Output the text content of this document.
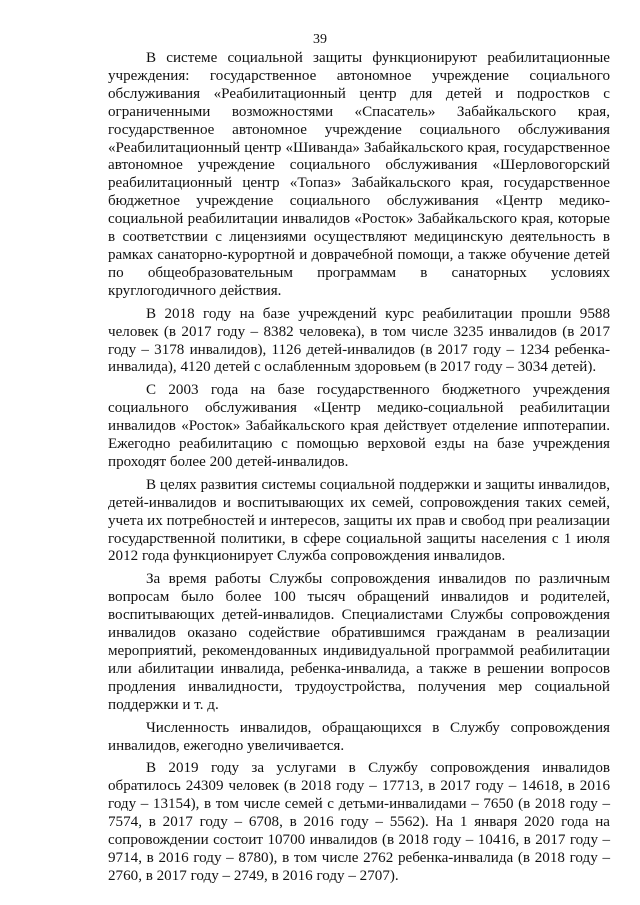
39

В системе социальной защиты функционируют реабилитационные учреждения: государственное автономное учреждение социального обслуживания «Реабилитационный центр для детей и подростков с ограниченными возможностями «Спасатель» Забайкальского края, государственное автономное учреждение социального обслуживания «Реабилитационный центр «Шиванда» Забайкальского края, государственное автономное учреждение социального обслуживания «Шерловогорский реабилитационный центр «Топаз» Забайкальского края, государственное бюджетное учреждение социального обслуживания «Центр медико-социальной реабилитации инвалидов «Росток» Забайкальского края, которые в соответствии с лицензиями осуществляют медицинскую деятельность в рамках санаторно-курортной и доврачебной помощи, а также обучение детей по общеобразовательным программам в санаторных условиях круглогодичного действия.

В 2018 году на базе учреждений курс реабилитации прошли 9588 человек (в 2017 году – 8382 человека), в том числе 3235 инвалидов (в 2017 году – 3178 инвалидов), 1126 детей-инвалидов (в 2017 году – 1234 ребенка-инвалида), 4120 детей с ослабленным здоровьем (в 2017 году – 3034 детей).

С 2003 года на базе государственного бюджетного учреждения социального обслуживания «Центр медико-социальной реабилитации инвалидов «Росток» Забайкальского края действует отделение иппотерапии. Ежегодно реабилитацию с помощью верховой езды на базе учреждения проходят более 200 детей-инвалидов.

В целях развития системы социальной поддержки и защиты инвалидов, детей-инвалидов и воспитывающих их семей, сопровождения таких семей, учета их потребностей и интересов, защиты их прав и свобод при реализации государственной политики, в сфере социальной защиты населения с 1 июля 2012 года функционирует Служба сопровождения инвалидов.

За время работы Службы сопровождения инвалидов по различным вопросам было более 100 тысяч обращений инвалидов и родителей, воспитывающих детей-инвалидов. Специалистами Службы сопровождения инвалидов оказано содействие обратившимся гражданам в реализации мероприятий, рекомендованных индивидуальной программой реабилитации или абилитации инвалида, ребенка-инвалида, а также в решении вопросов продления инвалидности, трудоустройства, получения мер социальной поддержки и т. д.

Численность инвалидов, обращающихся в Службу сопровождения инвалидов, ежегодно увеличивается.

В 2019 году за услугами в Службу сопровождения инвалидов обратилось 24309 человек (в 2018 году – 17713, в 2017 году – 14618, в 2016 году – 13154), в том числе семей с детьми-инвалидами – 7650 (в 2018 году – 7574, в 2017 году – 6708, в 2016 году – 5562). На 1 января 2020 года на сопровождении состоит 10700 инвалидов (в 2018 году – 10416, в 2017 году – 9714, в 2016 году – 8780), в том числе 2762 ребенка-инвалида (в 2018 году – 2760, в 2017 году – 2749, в 2016 году – 2707).
